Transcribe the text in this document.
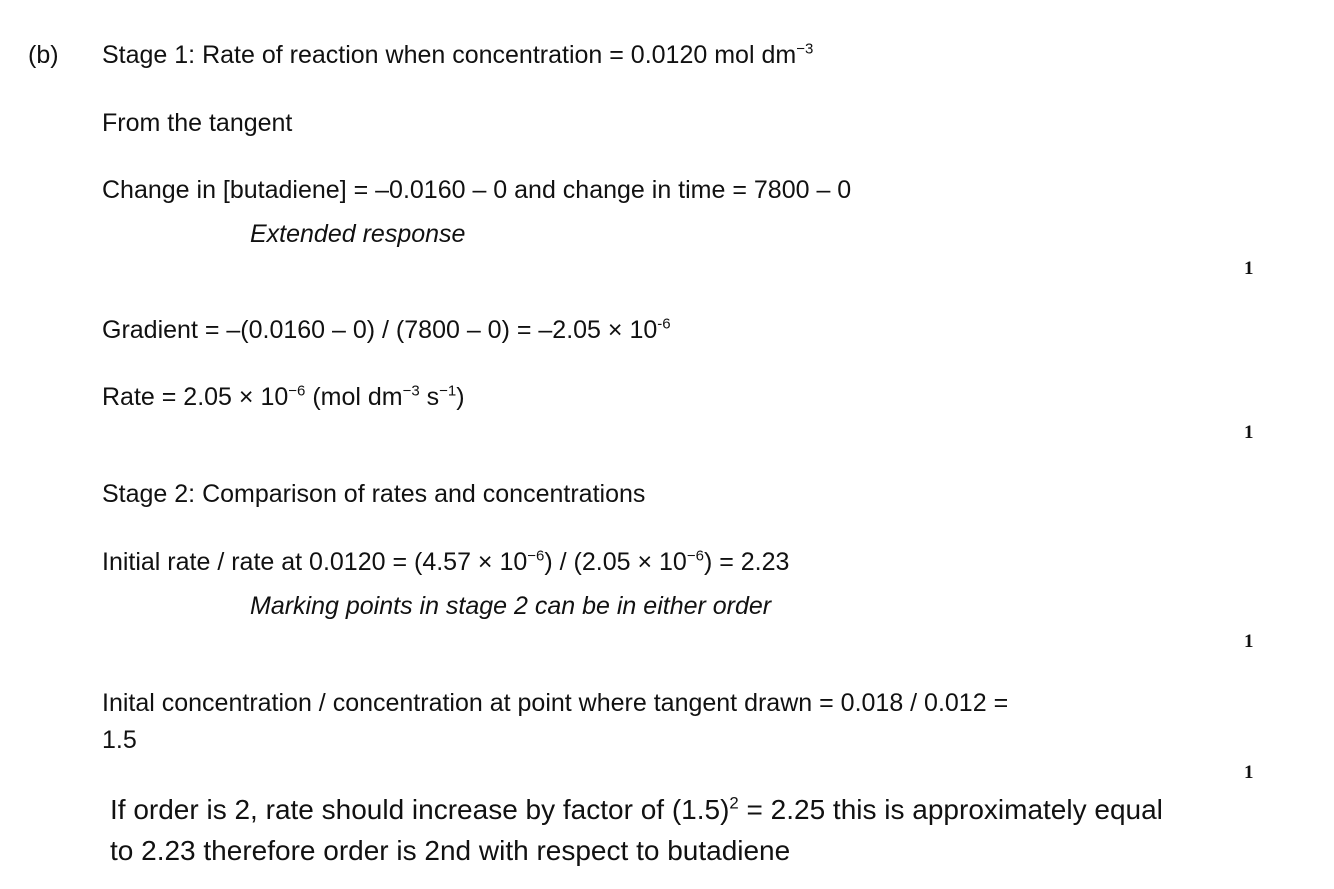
(b) Stage 1: Rate of reaction when concentration = 0.0120 mol $dm^{-3}$
From the tangent
Change in [butadiene] = –0.0160 – 0 and change in time = 7800 – 0
Extended response
1
Gradient = $-(0.0160 - 0) / (7800 - 0) = -2.05 \times 10^{-6}$
Rate = $2.05 \times 10^{-6}$ (mol $dm^{-3}$ $s^{-1}$)
1
Stage 2: Comparison of rates and concentrations
Initial rate / rate at $0.0120 = (4.57 \times 10^{-6}) / (2.05 \times 10^{-6}) = 2.23$
Marking points in stage 2 can be in either order
1
Inital concentration / concentration at point where tangent drawn = 0.018 / 0.012 =
1.5
1
If order is 2, rate should increase by factor of $(1.5)^2 = 2.25$ this is approximately equal
to 2.23 therefore order is 2nd with respect to butadiene
